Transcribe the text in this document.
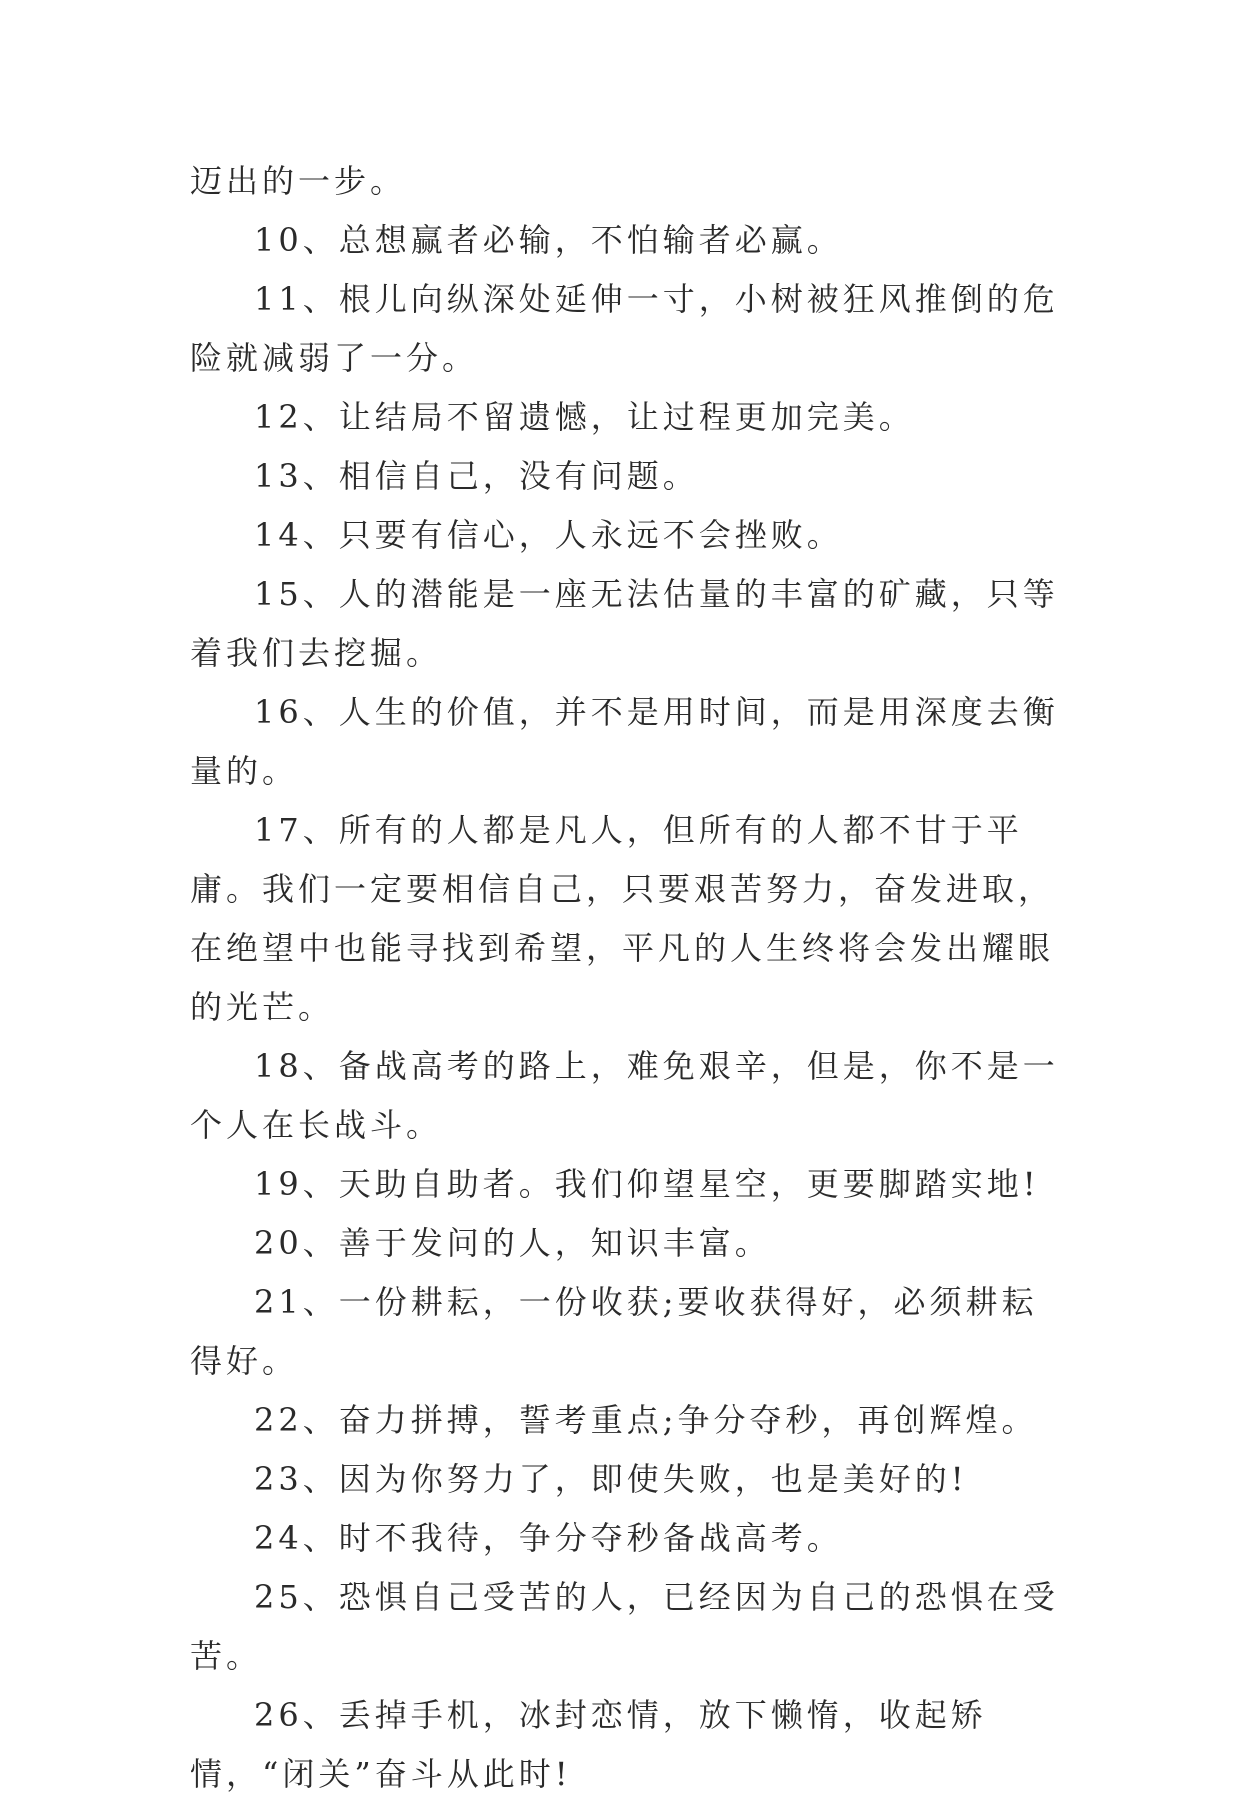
迈出的一步。

10、总想赢者必输，不怕输者必赢。

11、根儿向纵深处延伸一寸，小树被狂风推倒的危险就减弱了一分。

12、让结局不留遗憾，让过程更加完美。

13、相信自己，没有问题。

14、只要有信心，人永远不会挫败。

15、人的潜能是一座无法估量的丰富的矿藏，只等着我们去挖掘。

16、人生的价值，并不是用时间，而是用深度去衡量的。

17、所有的人都是凡人，但所有的人都不甘于平庸。我们一定要相信自己，只要艰苦努力，奋发进取，在绝望中也能寻找到希望，平凡的人生终将会发出耀眼的光芒。

18、备战高考的路上，难免艰辛，但是，你不是一个人在长战斗。

19、天助自助者。我们仰望星空，更要脚踏实地!

20、善于发问的人，知识丰富。

21、一份耕耘，一份收获;要收获得好，必须耕耘得好。

22、奋力拼搏，誓考重点;争分夺秒，再创辉煌。

23、因为你努力了，即使失败，也是美好的!

24、时不我待，争分夺秒备战高考。

25、恐惧自己受苦的人，已经因为自己的恐惧在受苦。

26、丢掉手机，冰封恋情，放下懒惰，收起矫情，“闭关”奋斗从此时!
